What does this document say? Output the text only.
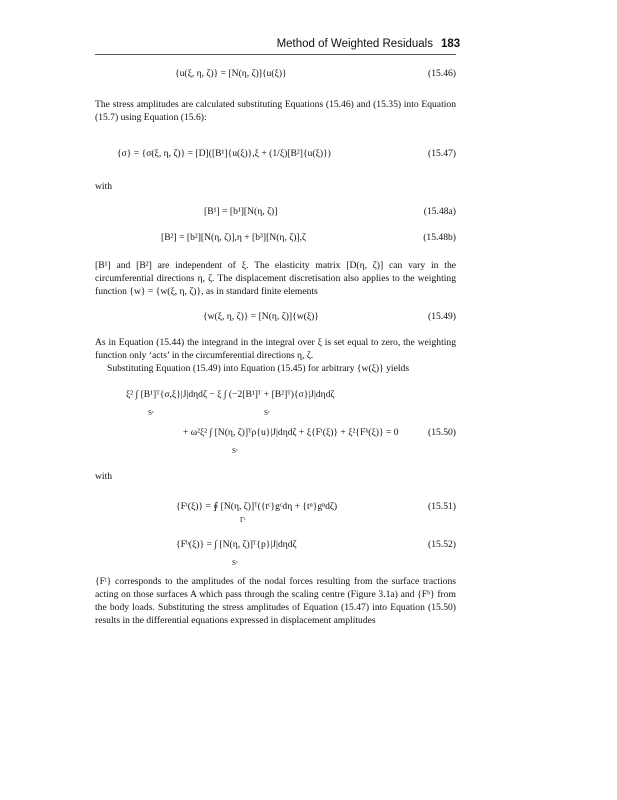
Method of Weighted Residuals 183
{u(ξ, η, ζ)} = [N(η, ζ)]{u(ξ)}	(15.46)
The stress amplitudes are calculated substituting Equations (15.46) and (15.35) into Equation (15.7) using Equation (15.6):
{σ} = {σ(ξ, η, ζ)} = [D]([B¹]{u(ξ)},ξ + (1/ξ)[B²]{u(ξ)})	(15.47)
with
[B¹] = [b¹][N(η, ζ)]	(15.48a)
[B²] = [b²][N(η, ζ)],η + [b³][N(η, ζ)],ζ	(15.48b)
[B¹] and [B²] are independent of ξ. The elasticity matrix [D(η, ζ)] can vary in the circumferential directions η, ζ. The displacement discretisation also applies to the weighting function {w} = {w(ξ, η, ζ)}, as in standard finite elements
{w(ξ, η, ζ)} = [N(η, ζ)]{w(ξ)}	(15.49)
As in Equation (15.44) the integrand in the integral over ξ is set equal to zero, the weighting function only ‘acts’ in the circumferential directions η, ζ.
Substituting Equation (15.49) into Equation (15.45) for arbitrary {w(ξ)} yields
ξ² ∫ [B¹]ᵀ{σ,ξ}|J|dηdζ − ξ ∫ (−2[B¹]ᵀ + [B²]ᵀ){σ}|J|dηdζ
Sᶜ	Sᶜ
+ ω²ξ² ∫ [N(η, ζ)]ᵀρ{u}|J|dηdζ + ξ{Fᵗ(ξ)} + ξ²{Fᵇ(ξ)} = 0
Sᶜ
(15.50)
with
{Fᵗ(ξ)} = ∮ [N(η, ζ)]ᵀ({tᶜ}gᶜdη + {tⁿ}gⁿdζ)
Γᶜ
(15.51)
{Fᵇ(ξ)} = ∫ [N(η, ζ)]ᵀ{p}|J|dηdζ
Sᶜ
(15.52)
{Fᵗ} corresponds to the amplitudes of the nodal forces resulting from the surface tractions acting on those surfaces A which pass through the scaling centre (Figure 3.1a) and {Fᵇ} from the body loads. Substituting the stress amplitudes of Equation (15.47) into Equation (15.50) results in the differential equations expressed in displacement amplitudes
